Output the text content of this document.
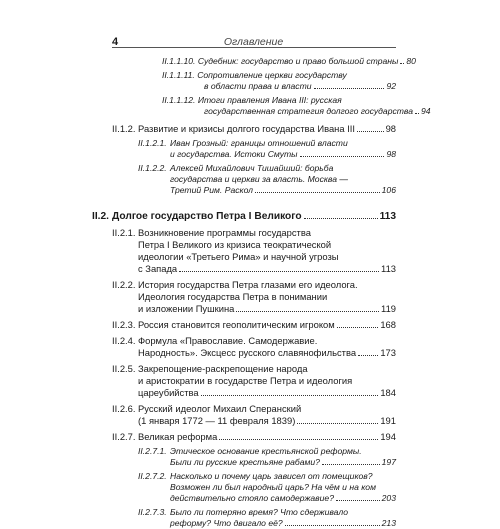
4	Оглавление
II.1.1.10. Судебник: государство и право большой страны 80
II.1.1.11. Сопротивление церкви государству
в области права и власти	92
II.1.1.12. Итоги правления Ивана III: русская
государственная стратегия долгого государства 94
II.1.2. Развитие и кризисы долгого государства Ивана III	98
II.1.2.1. Иван Грозный: границы отношений власти
и государства. Истоки Смуты	98
II.1.2.2. Алексей Михайлович Тишайший: борьба
государства и церкви за власть. Москва —
Третий Рим. Раскол	106
II.2. Долгое государство Петра I Великого	113
II.2.1. Возникновение программы государства
Петра I Великого из кризиса теократической
идеологии «Третьего Рима» и научной угрозы
с Запада	113
II.2.2. История государства Петра глазами его идеолога.
Идеология государства Петра в понимании
и изложении Пушкина	119
II.2.3. Россия становится геополитическим игроком	168
II.2.4. Формула «Православие. Самодержавие.
Народность». Эксцесс русского славянофильства	173
II.2.5. Закрепощение-раскрепощение народа
и аристократии в государстве Петра и идеология
цареубийства	184
II.2.6. Русский идеолог Михаил Сперанский
(1 января 1772 — 11 февраля 1839)	191
II.2.7. Великая реформа	194
II.2.7.1. Этическое основание крестьянской реформы.
Были ли русские крестьяне рабами?	197
II.2.7.2. Насколько и почему царь зависел от помещиков?
Возможен ли был народный царь? На чём и на ком
действительно стояло самодержавие?	203
II.2.7.3. Было ли потеряно время? Что сдерживало
реформу? Что двигало её?	213
